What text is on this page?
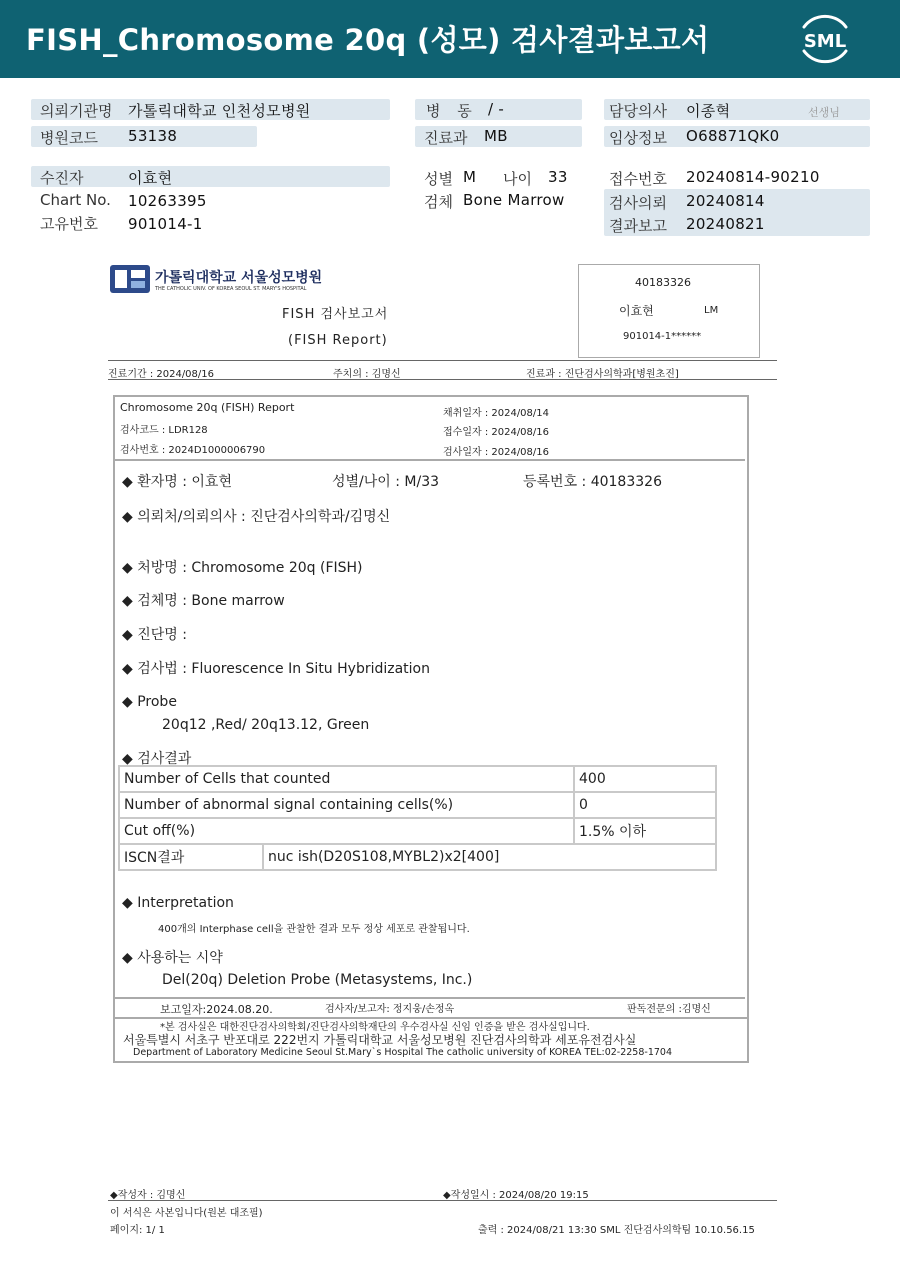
FISH_Chromosome 20q (성모) 검사결과보고서	SML
의뢰기관명 가톨릭대학교 인천성모병원
병원코드 53138
병 동 / -
진료과 MB
담당의사 이종혁	선생님
임상정보 O68871QK0
수진자	이효현
Chart No. 10263395
고유번호 901014-1
성별 M 나이 33
검체 Bone Marrow
접수번호 20240814-90210
검사의뢰 20240814
결과보고 20240821
가톨릭대학교 서울성모병원
THE CATHOLIC UNIV. OF KOREA SEOUL ST. MARY'S HOSPITAL
FISH 검사보고서
(FISH Report)
40183326
이효현	LM
901014-1******
진료기간 : 2024/08/16	주치의 : 김명신	진료과 : 진단검사의학과[병원초진]
Chromosome 20q (FISH) Report
검사코드 : LDR128
검사번호 : 2024D1000006790
채취일자 : 2024/08/14
접수일자 : 2024/08/16
검사일자 : 2024/08/16
◆ 환자명 : 이효현	성별/나이 : M/33	등록번호 : 40183326
◆ 의뢰처/의뢰의사 : 진단검사의학과/김명신
◆ 처방명 : Chromosome 20q (FISH)
◆ 검체명 : Bone marrow
◆ 진단명 :
◆ 검사법 : Fluorescence In Situ Hybridization
◆ Probe
20q12 ,Red/ 20q13.12, Green
◆ 검사결과
Number of Cells that counted		400
Number of abnormal signal containing cells(%)		0
Cut off(%)		1.5% 이하
ISCN결과	nuc ish(D20S108,MYBL2)x2[400]	
◆ Interpretation
400개의 Interphase cell을 관찰한 결과 모두 정상 세포로 관찰됩니다.
◆ 사용하는 시약
Del(20q) Deletion Probe (Metasystems, Inc.)
보고일자:2024.08.20.	검사자/보고자: 정지웅/손정옥	판독전문의 :김명신
*본 검사실은 대한진단검사의학회/진단검사의학재단의 우수검사실 신임 인증을 받은 검사실입니다.
서울특별시 서초구 반포대로 222번지 가톨릭대학교 서울성모병원 진단검사의학과 세포유전검사실
Department of Laboratory Medicine Seoul St.Mary`s Hospital The catholic university of KOREA TEL:02-2258-1704
◆작성자 : 김명신	◆작성일시 : 2024/08/20 19:15
이 서식은 사본입니다(원본 대조필)
페이지: 1/ 1	출력 : 2024/08/21 13:30 SML 진단검사의학팀 10.10.56.15
